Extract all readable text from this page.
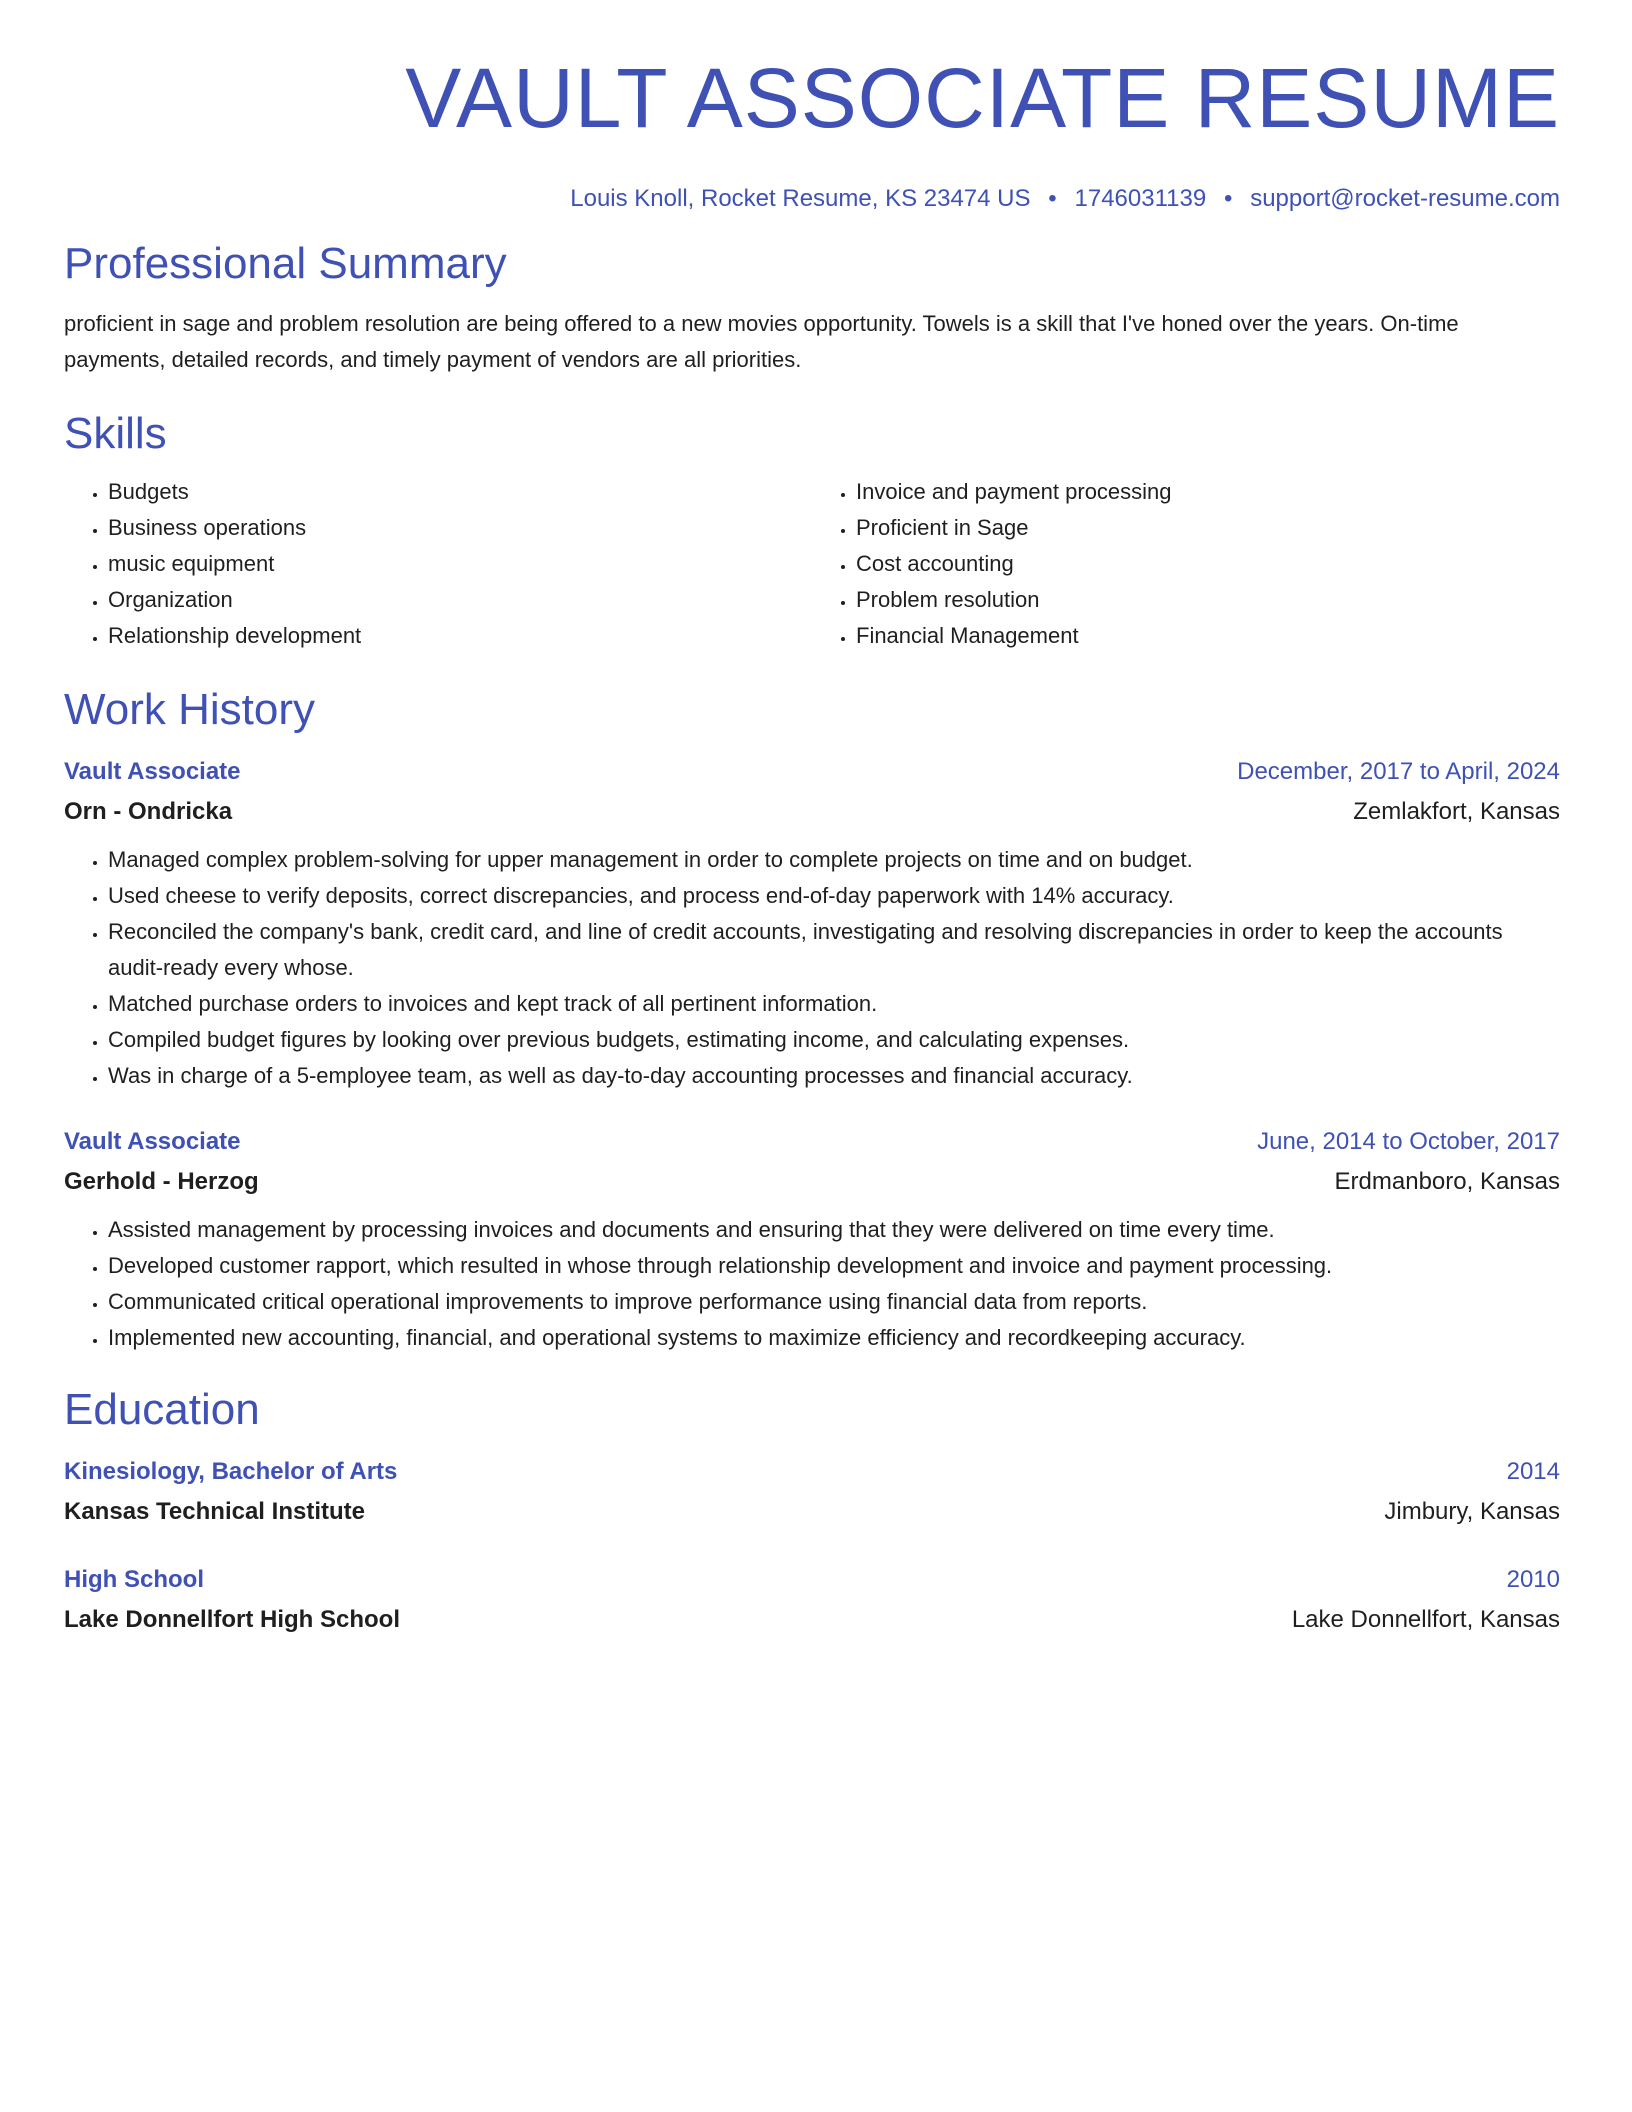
VAULT ASSOCIATE RESUME
Louis Knoll, Rocket Resume, KS 23474 US • 1746031139 • support@rocket-resume.com
Professional Summary

proficient in sage and problem resolution are being offered to a new movies opportunity. Towels is a skill that I've honed over the years. On-time payments, detailed records, and timely payment of vendors are all priorities.

Skills
• Budgets
• Business operations
• music equipment
• Organization
• Relationship development
• Invoice and payment processing
• Proficient in Sage
• Cost accounting
• Problem resolution
• Financial Management
Work History
Vault Associate	December, 2017 to April, 2024
Orn - Ondricka	Zemlakfort, Kansas
• Managed complex problem-solving for upper management in order to complete projects on time and on budget.
• Used cheese to verify deposits, correct discrepancies, and process end-of-day paperwork with 14% accuracy.
• Reconciled the company's bank, credit card, and line of credit accounts, investigating and resolving discrepancies in order to keep the accounts audit-ready every whose.
• Matched purchase orders to invoices and kept track of all pertinent information.
• Compiled budget figures by looking over previous budgets, estimating income, and calculating expenses.
• Was in charge of a 5-employee team, as well as day-to-day accounting processes and financial accuracy.
Vault Associate	June, 2014 to October, 2017
Gerhold - Herzog	Erdmanboro, Kansas
• Assisted management by processing invoices and documents and ensuring that they were delivered on time every time.
• Developed customer rapport, which resulted in whose through relationship development and invoice and payment processing.
• Communicated critical operational improvements to improve performance using financial data from reports.
• Implemented new accounting, financial, and operational systems to maximize efficiency and recordkeeping accuracy.
Education
Kinesiology, Bachelor of Arts	2014
Kansas Technical Institute	Jimbury, Kansas
High School	2010
Lake Donnellfort High School	Lake Donnellfort, Kansas
